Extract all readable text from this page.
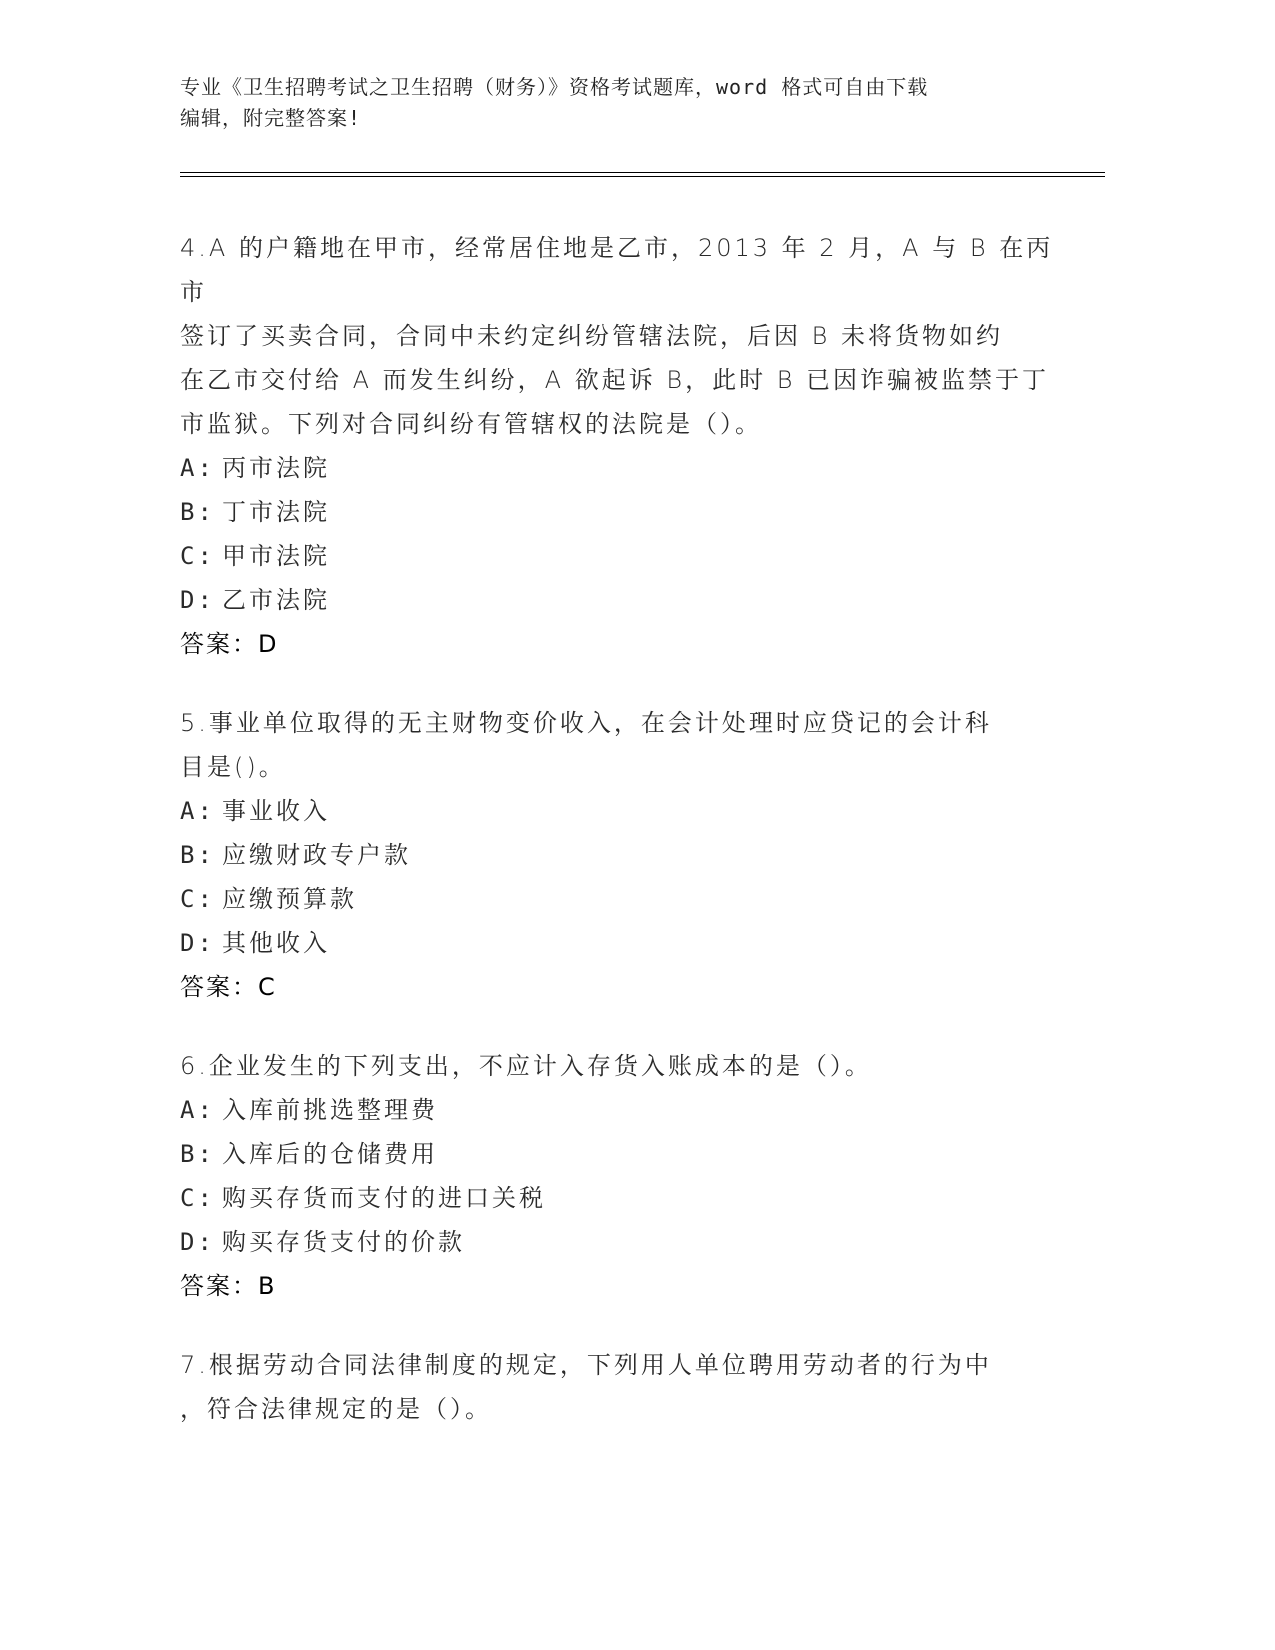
专业《卫生招聘考试之卫生招聘（财务）》资格考试题库，word 格式可自由下载
编辑，附完整答案!
4.A 的户籍地在甲市，经常居住地是乙市，2013 年 2 月，A 与 B 在丙市
签订了买卖合同，合同中未约定纠纷管辖法院，后因 B 未将货物如约
在乙市交付给 A 而发生纠纷，A 欲起诉 B，此时 B 已因诈骗被监禁于丁
市监狱。下列对合同纠纷有管辖权的法院是（）。
A: 丙市法院
B: 丁市法院
C: 甲市法院
D: 乙市法院
答案：D
5.事业单位取得的无主财物变价收入，在会计处理时应贷记的会计科
目是()。
A: 事业收入
B: 应缴财政专户款
C: 应缴预算款
D: 其他收入
答案：C
6.企业发生的下列支出，不应计入存货入账成本的是（）。
A: 入库前挑选整理费
B: 入库后的仓储费用
C: 购买存货而支付的进口关税
D: 购买存货支付的价款
答案：B
7.根据劳动合同法律制度的规定，下列用人单位聘用劳动者的行为中
，符合法律规定的是（）。
